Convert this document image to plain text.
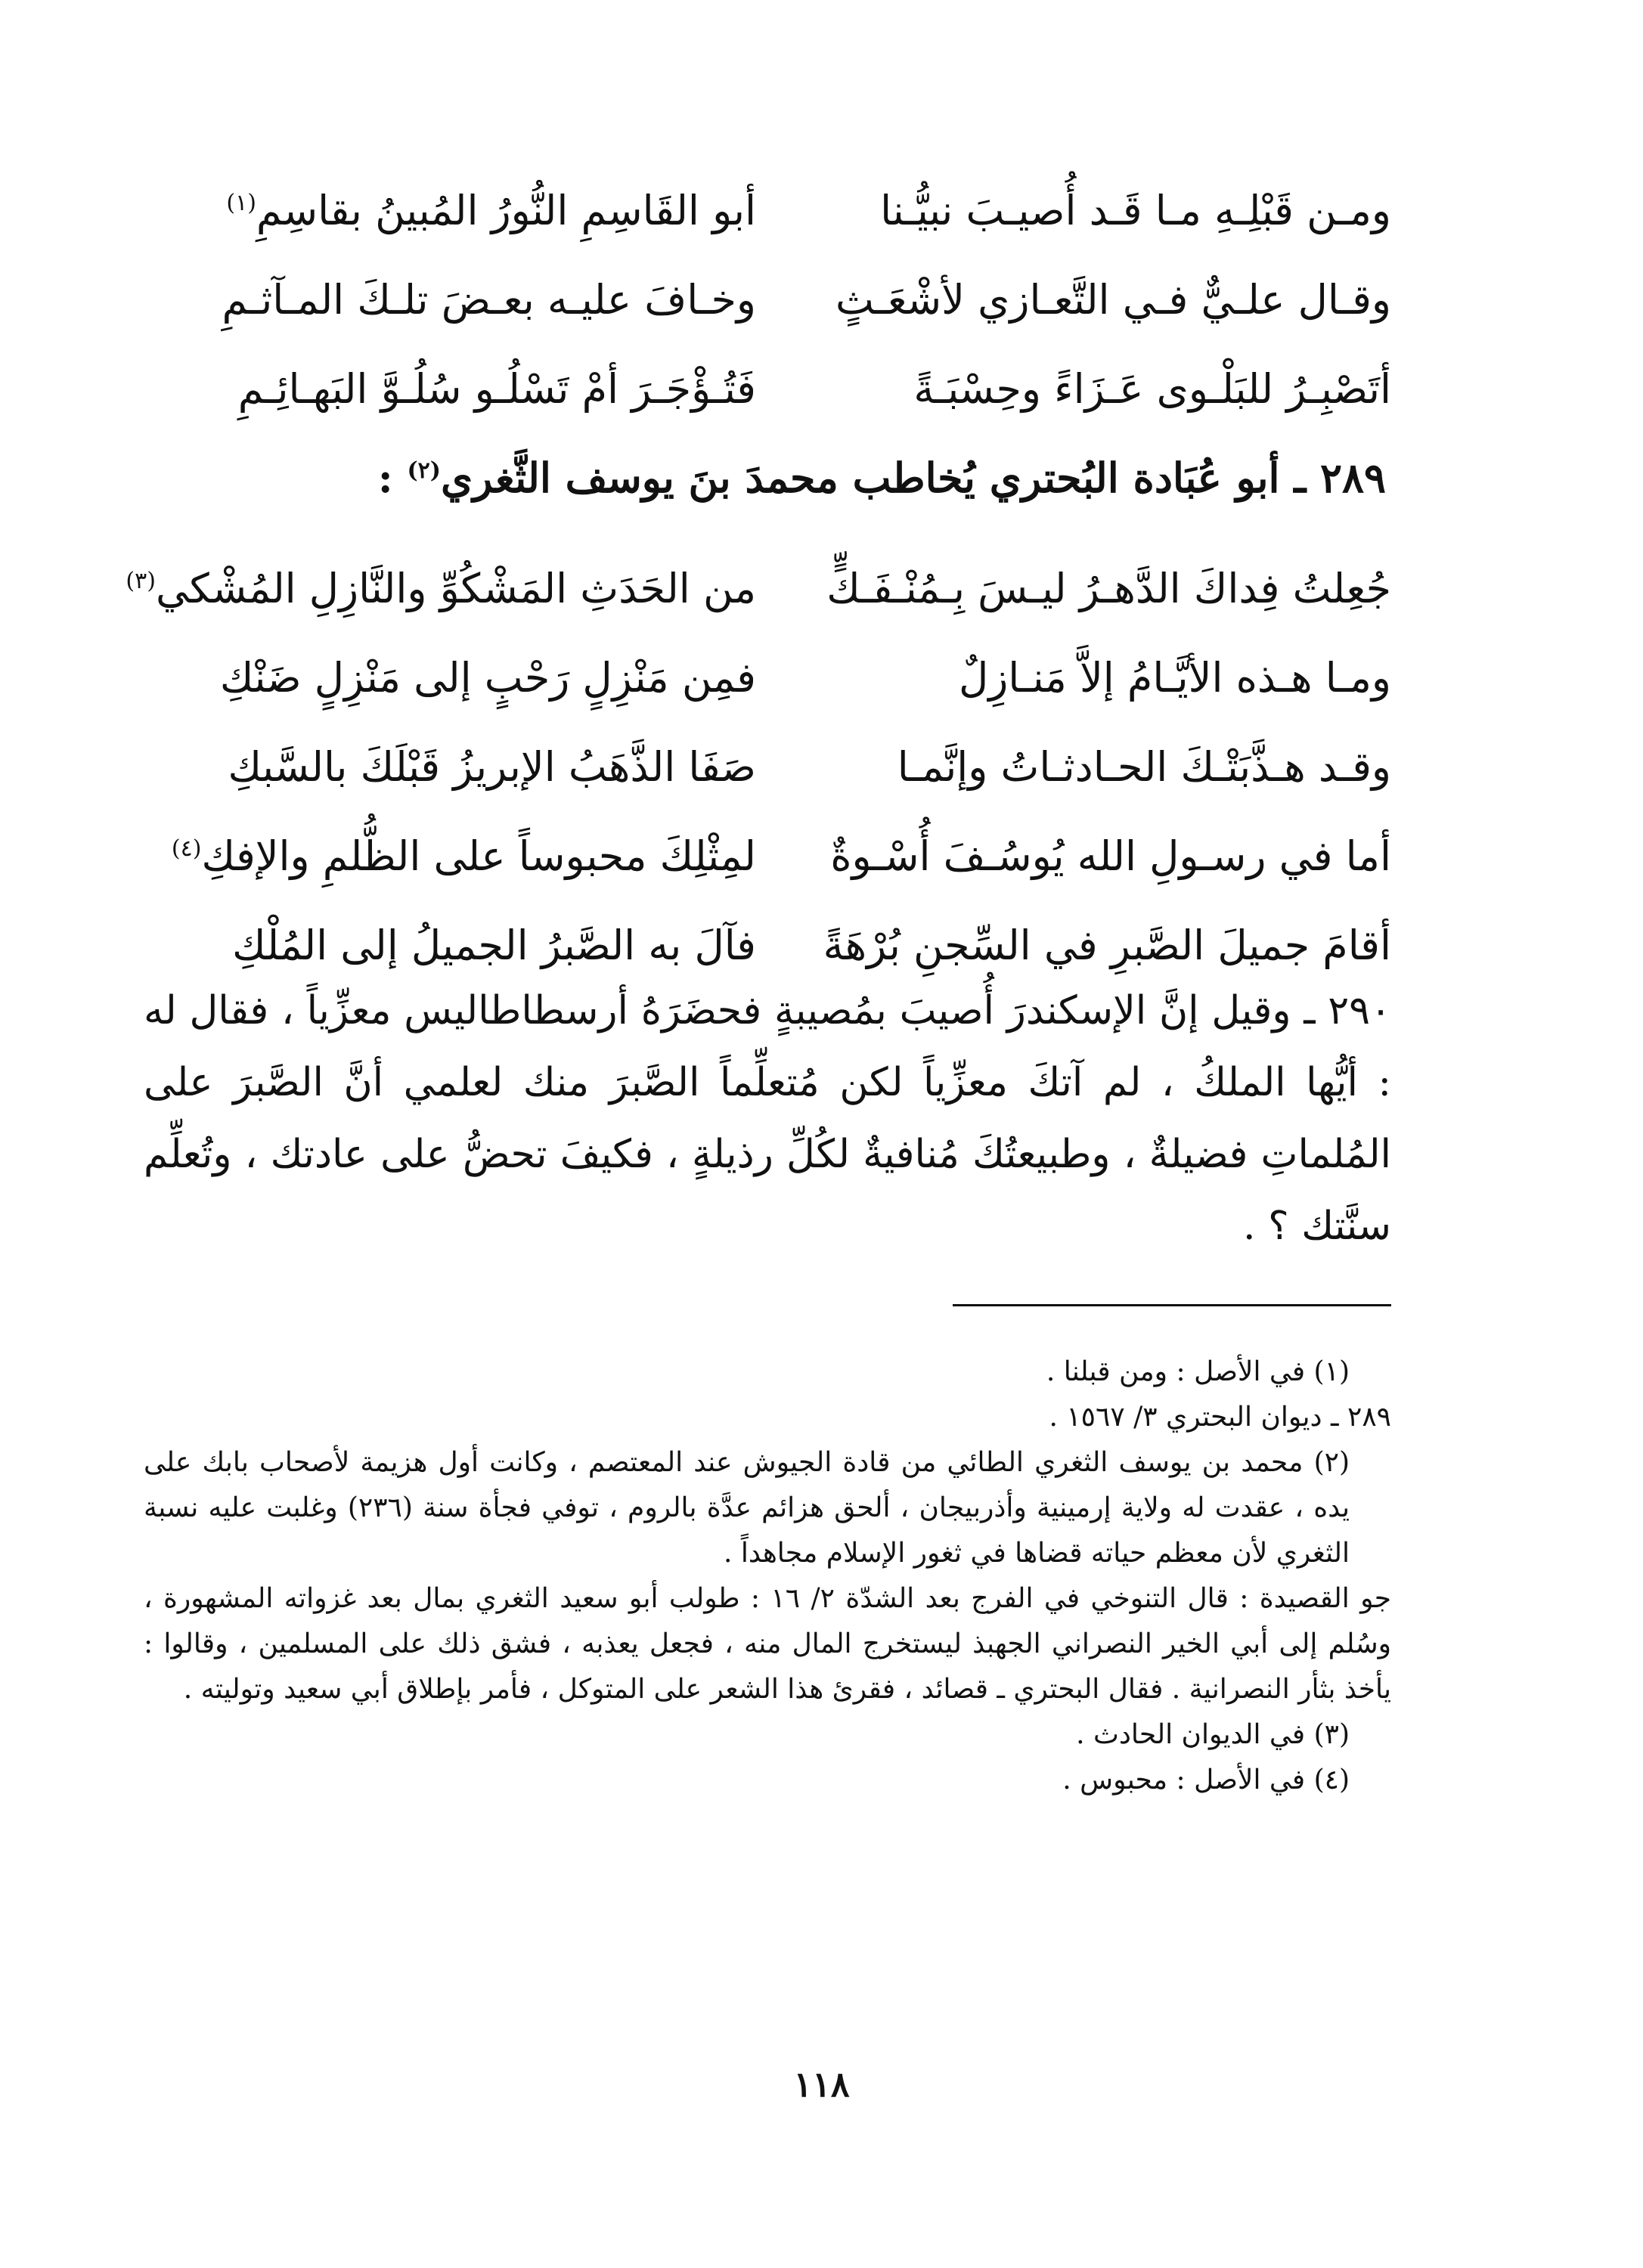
ومـن قَبْلِـهِ مـا قَـد أُصيـبَ نبيُّـنا
أبو القَاسِمِ النُّورُ المُبينُ بقاسِمِ$^{(١)}$
وقـال علـيٌّ فـي التَّعـازي لأشْعَـثٍ
وخـافَ عليـه بعـضَ تلـكَ المـآثـمِ
أتَصْبِـرُ للبَلْـوى عَـزَاءً وحِسْبَـةً
فَتُـؤْجَـرَ أمْ تَسْلُـو سُلُـوَّ البَهـائِـمِ
٢٨٩ ـ أبو عُبَادة البُحتري يُخاطب محمدَ بنَ يوسف الثَّغري$^{(٢)}$ :
جُعِلتُ فِداكَ الدَّهـرُ ليـسَ بِـمُنْـفَـكٍّ
من الحَدَثِ المَشْكُوِّ والنَّازِلِ المُشْكي$^{(٣)}$
ومـا هـذه الأيَّـامُ إلاَّ مَنـازِلٌ
فمِن مَنْزِلٍ رَحْبٍ إلى مَنْزِلٍ ضَنْكِ
وقـد هـذَّبَتْـكَ الحـادثـاتُ وإنَّمـا
صَفَا الذَّهَبُ الإبريزُ قَبْلَكَ بالسَّبكِ
أما في رسـولِ الله يُوسُـفَ أُسْـوةٌ
لمِثْلِكَ محبوساً على الظُّلمِ والإفكِ$^{(٤)}$
أقامَ جميلَ الصَّبرِ في السِّجنِ بُرْهَةً
فآلَ به الصَّبرُ الجميلُ إلى المُلْكِ
٢٩٠ ـ وقيل إنَّ الإسكندرَ أُصيبَ بمُصيبةٍ فحضَرَهُ أرسطاطاليس معزِّياً ، فقال له : أيُّها الملكُ ، لم آتكَ معزِّياً لكن مُتعلِّماً الصَّبرَ منك لعلمي أنَّ الصَّبرَ على المُلماتِ فضيلةٌ ، وطبيعتُكَ مُنافيةٌ لكُلِّ رذيلةٍ ، فكيفَ تحضُّ على عادتك ، وتُعلِّم سنَّتك ؟ .
(١) في الأصل : ومن قبلنا .
٢٨٩ ـ ديوان البحتري ٣/ ١٥٦٧ .
(٢) محمد بن يوسف الثغري الطائي من قادة الجيوش عند المعتصم ، وكانت أول هزيمة لأصحاب بابك على يده ، عقدت له ولاية إرمينية وأذربيجان ، ألحق هزائم عدَّة بالروم ، توفي فجأة سنة (٢٣٦) وغلبت عليه نسبة الثغري لأن معظم حياته قضاها في ثغور الإسلام مجاهداً .
جو القصيدة : قال التنوخي في الفرج بعد الشدّة ٢/ ١٦ : طولب أبو سعيد الثغري بمال بعد غزواته المشهورة ، وسُلم إلى أبي الخير النصراني الجهبذ ليستخرج المال منه ، فجعل يعذبه ، فشق ذلك على المسلمين ، وقالوا : يأخذ بثأر النصرانية . فقال البحتري ـ قصائد ، فقرئ هذا الشعر على المتوكل ، فأمر بإطلاق أبي سعيد وتوليته .
(٣) في الديوان الحادث .
(٤) في الأصل : محبوس .
١١٨
